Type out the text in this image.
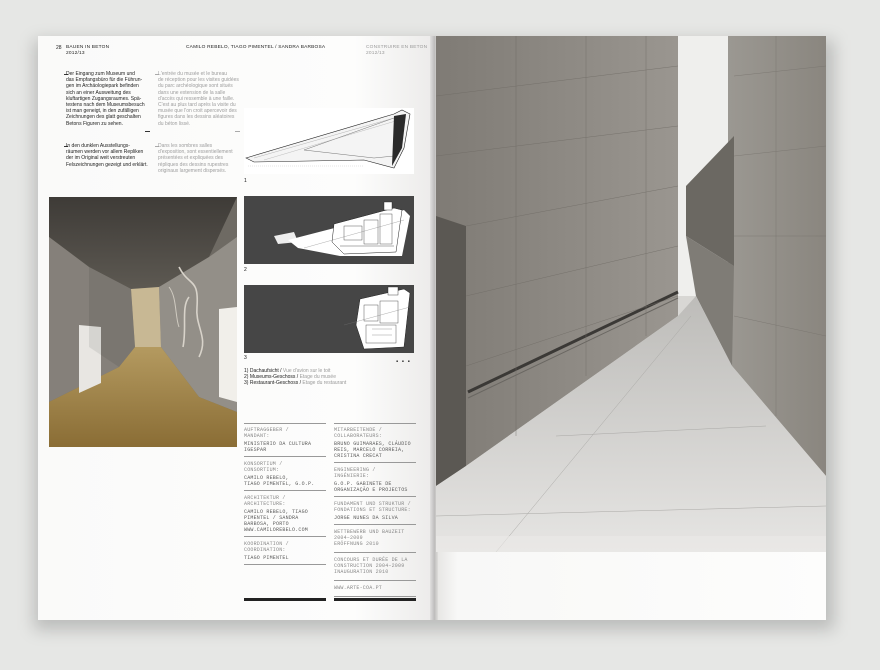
28 BAUEN IN BETON
2012/13
CAMILO REBELO, TIAGO PIMENTEL / SANDRA BARBOSA	CONSTRUIRE EN BETON
2012/13
Der Eingang zum Museum und
das Empfangsbüro für die Führun-
gen im Archäologiepark befinden
sich an einer Ausweitung des
kluftartigen Zugangsraumes. Spä-
testens nach dem Museumsbesuch
ist man geneigt, in den zufälligen
Zeichnungen des glatt geschalten
Betons Figuren zu sehen.
In den dunklen Ausstellungs-
räumen werden vor allem Repliken
der im Original weit verstreuten
Felszeichnungen gezeigt und erklärt.
L'entrée du musée et le bureau
de réception pour les visites guidées
du parc archéologique sont situés
dans une extension de la salle
d'accès qui ressemble à une faille.
C'est au plus tard après la visite du
musée que l'on croit apercevoir des
figures dans les dessins aléatoires
du béton lissé.
Dans les sombres salles
d'exposition, sont essentiellement
présentées et expliquées des
répliques des dessins rupestres
originaux largement dispersés.
1
2
3
▪ ▪ ▪
1) Dachaufsicht / Vue d'avion sur le toit
2) Museums-Geschoss / Etage du musée
3) Restaurant-Geschoss / Etage du restaurant
AUFTRAGGEBER /
MANDANT:
MINISTERIO DA CULTURA
IGESPAR
KONSORTIUM /
CONSORTIUM:
CAMILO REBELO,
TIAGO PIMENTEL, G.O.P.
ARCHITEKTUR /
ARCHITECTURE:
CAMILO REBELO, TIAGO
PIMENTEL / SANDRA
BARBOSA, PORTO
WWW.CAMILOREBELO.COM
KOORDINATION /
COORDINATION:
TIAGO PIMENTEL
MITARBEITENDE /
COLLABORATEURS:
BRUNO GUIMARAES, CLÁUDIO
REIS, MARCELO CORREIA,
CRISTINA CRECAT
ENGINEERING /
INGÉNIERIE:
G.O.P. GABINETE DE
ORGANIZAÇÃO E PROJECTOS
FUNDAMENT UND STRUKTUR /
FONDATIONS ET STRUCTURE:
JORGE NUNES DA SILVA
WETTBEWERB UND BAUZEIT
2004–2009
ERÖFFNUNG 2010
CONCOURS ET DURÉE DE LA
CONSTRUCTION 2004–2009
INAUGURATION 2010
WWW.ARTE-COA.PT
